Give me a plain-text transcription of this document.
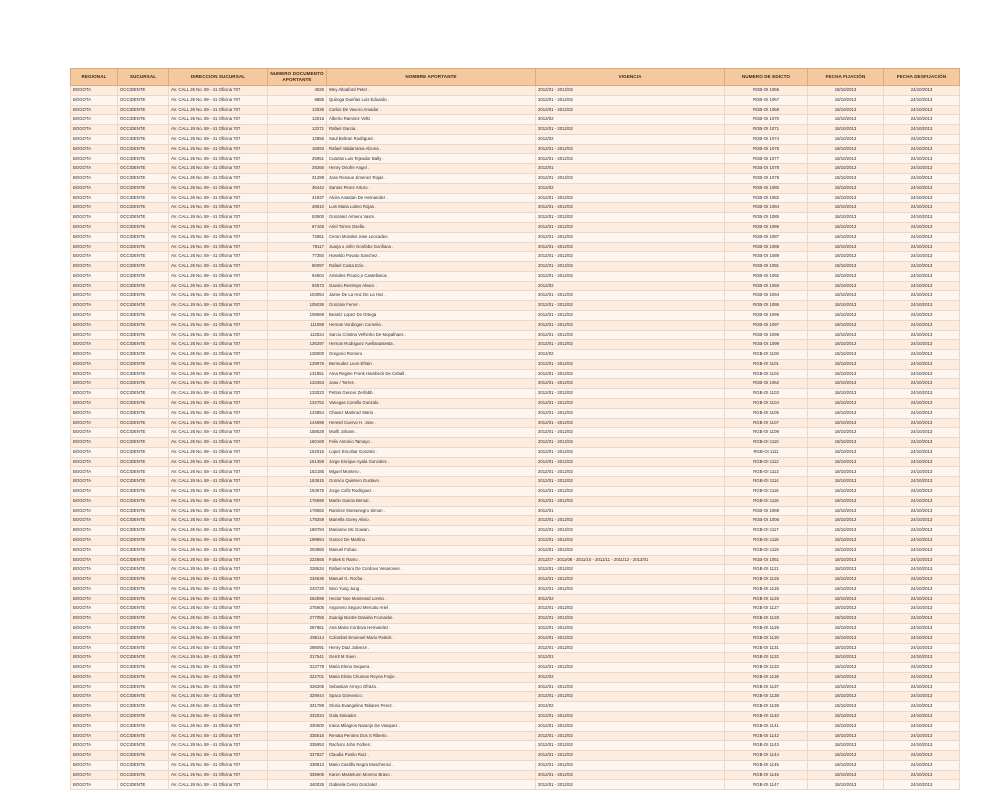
REGIONAL	SUCURSAL	DIRECCION SUCURSAL	NUMERO DOCUMENTO APORTANTE	NOMBRE APORTANTE	VIGENCIA	NUMERO DE EDICTO	FECHA FIJACIÓN	FECHA DESFIJACIÓN
BOGOTA	OCCIDENTE	AV. CALL 26 No. 59 - 41 Oficina 707	4026	Wey Altoaford Peter .	2012/01 - 2012/02	RGB-OI 1066	18/10/2013	24/10/2013
BOGOTA	OCCIDENTE	AV. CALL 26 No. 59 - 41 Oficina 707	8885	Quiroga Dueñas Luis Eduardo .	2012/01 - 2012/02	RGB-OI 1067	18/10/2013	24/10/2013
BOGOTA	OCCIDENTE	AV. CALL 26 No. 59 - 41 Oficina 707	13036	Carlos De Vavoro Amador .	2012/01 - 2012/02	RGB-OI 1068	18/10/2013	24/10/2013
BOGOTA	OCCIDENTE	AV. CALL 26 No. 59 - 41 Oficina 707	13016	Alberto Ramirez Veltz .	2012/02	RGB-OI 1070	18/10/2013	24/10/2013
BOGOTA	OCCIDENTE	AV. CALL 26 No. 59 - 41 Oficina 707	13271	Rafael Garcia .	2012/01 - 2012/02	RGB-OI 1071	18/10/2013	24/10/2013
BOGOTA	OCCIDENTE	AV. CALL 26 No. 59 - 41 Oficina 707	13856	Saul Beltran Rodriguez .	2012/02	RGB-OI 1074	18/10/2013	24/10/2013
BOGOTA	OCCIDENTE	AV. CALL 26 No. 59 - 41 Oficina 707	18093	Rafael Valdarrama Alzona .	2012/01 - 2012/02	RGB-OI 1075	18/10/2013	24/10/2013
BOGOTA	OCCIDENTE	AV. CALL 26 No. 59 - 41 Oficina 707	25951	Cuartas Luis Tejeador Bally .	2012/01 - 2012/02	RGB-OI 1077	18/10/2013	24/10/2013
BOGOTA	OCCIDENTE	AV. CALL 26 No. 59 - 41 Oficina 707	29266	Henry Onofre Angel .	2012/01	RGB-OI 1078	18/10/2013	24/10/2013
BOGOTA	OCCIDENTE	AV. CALL 26 No. 59 - 41 Oficina 707	31299	Jose Resoue Jimenez Rojas .	2012/01 - 2012/02	RGB-OI 1079	18/10/2013	24/10/2013
BOGOTA	OCCIDENTE	AV. CALL 26 No. 59 - 41 Oficina 707	36442	Santos Perez Arturo .	2012/02	RGB-OI 1080	18/10/2013	24/10/2013
BOGOTA	OCCIDENTE	AV. CALL 26 No. 59 - 41 Oficina 707	41837	Alcira Anastan De Hernandez .	2012/01 - 2012/02	RGB-OI 1082	18/10/2013	24/10/2013
BOGOTA	OCCIDENTE	AV. CALL 26 No. 59 - 41 Oficina 707	48510	Luis Maria Latino Rojas .	2012/01 - 2012/02	RGB-OI 1084	18/10/2013	24/10/2013
BOGOTA	OCCIDENTE	AV. CALL 26 No. 59 - 41 Oficina 707	53500	Gonzalez Armero Vasm .	2012/01 - 2012/02	RGB-OI 1085	18/10/2013	24/10/2013
BOGOTA	OCCIDENTE	AV. CALL 26 No. 59 - 41 Oficina 707	67165	Ariel Torres Osella .	2012/01 - 2012/02	RGB-OI 1086	18/10/2013	24/10/2013
BOGOTA	OCCIDENTE	AV. CALL 26 No. 59 - 41 Oficina 707	72861	Ceron Morales Jose Leocadeo	2012/01 - 2012/02	RGB-OI 1087	18/10/2013	24/10/2013
BOGOTA	OCCIDENTE	AV. CALL 26 No. 59 - 41 Oficina 707	78117	Juarja o John Gonfabo Gonfiaca .	2012/01 - 2012/02	RGB-OI 1088	18/10/2013	24/10/2013
BOGOTA	OCCIDENTE	AV. CALL 26 No. 59 - 41 Oficina 707	77350	Hoseldo Povato Sanchez .	2012/01 - 2012/02	RGB-OI 1089	18/10/2013	24/10/2013
BOGOTA	OCCIDENTE	AV. CALL 26 No. 59 - 41 Oficina 707	80097	Rafael Costa Ezio .	2012/01 - 2012/02	RGB-OI 1091	18/10/2013	24/10/2013
BOGOTA	OCCIDENTE	AV. CALL 26 No. 59 - 41 Oficina 707	94604	Aristoles Picazo,o Castellanos .	2012/01 - 2012/02	RGB-OI 1092	18/10/2013	24/10/2013
BOGOTA	OCCIDENTE	AV. CALL 26 No. 59 - 41 Oficina 707	94573	Gavoio Restrepo Alvaro .	2012/02	RGB-OI 1093	18/10/2013	24/10/2013
BOGOTA	OCCIDENTE	AV. CALL 26 No. 59 - 41 Oficina 707	103054	Jaime De La Hoz De La Hoz .	2012/01 - 2012/02	RGB-OI 1094	18/10/2013	24/10/2013
BOGOTA	OCCIDENTE	AV. CALL 26 No. 59 - 41 Oficina 707	105036	Gonzalo Ferrer .	2012/01 - 2012/02	RGB-OI 1095	18/10/2013	24/10/2013
BOGOTA	OCCIDENTE	AV. CALL 26 No. 59 - 41 Oficina 707	108669	Beatriz Lopez De Ortega	2012/01 - 2012/02	RGB-OI 1096	18/10/2013	24/10/2013
BOGOTA	OCCIDENTE	AV. CALL 26 No. 59 - 41 Oficina 707	111099	Hernan Vordingen Cornelio .	2012/01 - 2012/02	RGB-OI 1097	18/10/2013	24/10/2013
BOGOTA	OCCIDENTE	AV. CALL 26 No. 59 - 41 Oficina 707	113024	Sarcio Cristina Velhinho De Mopalhans .	2012/01 - 2012/02	RGB-OI 1098	18/10/2013	24/10/2013
BOGOTA	OCCIDENTE	AV. CALL 26 No. 59 - 41 Oficina 707	126297	Hernan Rodriguez Avellanastesta .	2012/01 - 2012/02	RGB-OI 1099	18/10/2013	24/10/2013
BOGOTA	OCCIDENTE	AV. CALL 26 No. 59 - 41 Oficina 707	128000	Gregorio Romero .	2012/02	RGB-OI 1100	18/10/2013	24/10/2013
BOGOTA	OCCIDENTE	AV. CALL 26 No. 59 - 41 Oficina 707	128976	Bermudez Leon Efrain .	2012/01 - 2012/02	RGB-OI 1101	18/10/2013	24/10/2013
BOGOTA	OCCIDENTE	AV. CALL 26 No. 59 - 41 Oficina 707	131851	Ama Regine Fronk Hambeck De Ceball .	2012/01 - 2012/02	RGB-OI 1102	18/10/2013	24/10/2013
BOGOTA	OCCIDENTE	AV. CALL 26 No. 59 - 41 Oficina 707	133453	Joao / Torres .	2012/01 - 2012/02	RGB-OI 1062	18/10/2013	24/10/2013
BOGOTA	OCCIDENTE	AV. CALL 26 No. 59 - 41 Oficina 707	133023	Pettos Gencer Zerfabb .	2012/01 - 2012/02	RGB-OI 1103	18/10/2013	24/10/2013
BOGOTA	OCCIDENTE	AV. CALL 26 No. 59 - 41 Oficina 707	134752	Vanegas Comillo Gonzalo .	2012/01 - 2012/02	RGB-OI 1104	18/10/2013	24/10/2013
BOGOTA	OCCIDENTE	AV. CALL 26 No. 59 - 41 Oficina 707	143854	Chavez Martinez Mario .	2012/01 - 2012/02	RGB-OI 1105	18/10/2013	24/10/2013
BOGOTA	OCCIDENTE	AV. CALL 26 No. 59 - 41 Oficina 707	144696	Heretel Cuervo H. Jose .	2012/01 - 2012/02	RGB-OI 1107	18/10/2013	24/10/2013
BOGOTA	OCCIDENTE	AV. CALL 26 No. 59 - 41 Oficina 707	158528	Murlli Johann .	2012/01 - 2012/02	RGB-OI 1109	18/10/2013	24/10/2013
BOGOTA	OCCIDENTE	AV. CALL 26 No. 59 - 41 Oficina 707	160169	Felix Antonio Tamayo .	2012/01 - 2012/02	RGB-OI 1110	18/10/2013	24/10/2013
BOGOTA	OCCIDENTE	AV. CALL 26 No. 59 - 41 Oficina 707	162016	Lopez Escobar Gonzalo .	2012/01 - 2012/02	RGB-OI 1111	18/10/2013	24/10/2013
BOGOTA	OCCIDENTE	AV. CALL 26 No. 59 - 41 Oficina 707	161358	Jorge Enrique Ayala Gonzalez .	2012/01 - 2012/02	RGB-OI 1112	18/10/2013	24/10/2013
BOGOTA	OCCIDENTE	AV. CALL 26 No. 59 - 41 Oficina 707	162185	Miguel Montero .	2012/01 - 2012/02	RGB-OI 1113	18/10/2013	24/10/2013
BOGOTA	OCCIDENTE	AV. CALL 26 No. 59 - 41 Oficina 707	163615	Gornico Quintero Gustavo .	2012/01 - 2012/02	RGB-OI 1114	18/10/2013	24/10/2013
BOGOTA	OCCIDENTE	AV. CALL 26 No. 59 - 41 Oficina 707	163575	Jorge Cofiz Rodriguez .	2012/01 - 2012/02	RGB-OI 1115	18/10/2013	24/10/2013
BOGOTA	OCCIDENTE	AV. CALL 26 No. 59 - 41 Oficina 707	176690	Martin Garcia Bernal .	2012/01 - 2012/02	RGB-OI 1116	18/10/2013	24/10/2013
BOGOTA	OCCIDENTE	AV. CALL 26 No. 59 - 41 Oficina 707	178682	Ramirez Montenegro Simon .	2012/01	RGB-OI 1068	18/10/2013	24/10/2013
BOGOTA	OCCIDENTE	AV. CALL 26 No. 59 - 41 Oficina 707	179259	Marrella Gorey Alivio .	2012/01 - 2012/02	RGB-OI 1006	18/10/2013	24/10/2013
BOGOTA	OCCIDENTE	AV. CALL 26 No. 59 - 41 Oficina 707	188784	Marianne Mc Gowan .	2012/01 - 2012/02	RGB-OI 1117	18/10/2013	24/10/2013
BOGOTA	OCCIDENTE	AV. CALL 26 No. 59 - 41 Oficina 707	199854	Garcez De Martino .	2012/01 - 2012/02	RGB-OI 1118	18/10/2013	24/10/2013
BOGOTA	OCCIDENTE	AV. CALL 26 No. 59 - 41 Oficina 707	203860	Manuel Fobao .	2012/01 - 2012/02	RGB-OI 1119	18/10/2013	24/10/2013
BOGOTA	OCCIDENTE	AV. CALL 26 No. 59 - 41 Oficina 707	222665	Fottek E Ramo .	2011/07 - 2011/08 - 2011/10 - 2011/11 - 2011/12 - 2012/01	RGB-OI 1051	18/10/2013	24/10/2013
BOGOTA	OCCIDENTE	AV. CALL 26 No. 59 - 41 Oficina 707	228634	Rafael Arturo De Cordovo Vesarones .	2012/01 - 2012/02	RGB-OI 1121	18/10/2013	24/10/2013
BOGOTA	OCCIDENTE	AV. CALL 26 No. 59 - 41 Oficina 707	234636	Manuel G. Rocha .	2012/01 - 2012/02	RGB-OI 1125	18/10/2013	24/10/2013
BOGOTA	OCCIDENTE	AV. CALL 26 No. 59 - 41 Oficina 707	243720	Woo Yung Jung .	2012/01 - 2012/02	RGB-OI 1126	18/10/2013	24/10/2013
BOGOTA	OCCIDENTE	AV. CALL 26 No. 59 - 41 Oficina 707	262596	Hector Noe Montessd Loreto .	2012/02	RGB-OI 1126	18/10/2013	24/10/2013
BOGOTA	OCCIDENTE	AV. CALL 26 No. 59 - 41 Oficina 707	275605	Argonero Seguro Mercato Ariel .	2012/01 - 2012/02	RGB-OI 1127	18/10/2013	24/10/2013
BOGOTA	OCCIDENTE	AV. CALL 26 No. 59 - 41 Oficina 707	277055	Zuanigi Buntre Daniela Fconacke .	2012/01 - 2012/02	RGB-OI 1128	18/10/2013	24/10/2013
BOGOTA	OCCIDENTE	AV. CALL 26 No. 59 - 41 Oficina 707	287861	Ana Maria Cordova Hernandez .	2012/01 - 2012/02	RGB-OI 1129	18/10/2013	24/10/2013
BOGOTA	OCCIDENTE	AV. CALL 26 No. 59 - 41 Oficina 707	295114	Colombel Emonuel Mario Patrick .	2012/01 - 2012/02	RGB-OI 1130	18/10/2013	24/10/2013
BOGOTA	OCCIDENTE	AV. CALL 26 No. 59 - 41 Oficina 707	298091	Henry Diaz Juliveze .	2012/01 - 2012/02	RGB-OI 1131	18/10/2013	24/10/2013
BOGOTA	OCCIDENTE	AV. CALL 26 No. 59 - 41 Oficina 707	317541	Gerrit M Soen .	2012/01	RGB-OI 1132	18/10/2013	24/10/2013
BOGOTA	OCCIDENTE	AV. CALL 26 No. 59 - 41 Oficina 707	313778	Maria Elena Sequera .	2012/01 - 2012/02	RGB-OI 1133	18/10/2013	24/10/2013
BOGOTA	OCCIDENTE	AV. CALL 26 No. 59 - 41 Oficina 707	322701	Maria Elvira Chuman Reyna Forjie .	2012/02	RGB-OI 1136	18/10/2013	24/10/2013
BOGOTA	OCCIDENTE	AV. CALL 26 No. 59 - 41 Oficina 707	328205	Sebastian Arroyo Ofraza .	2012/01 - 2012/02	RGB-OI 1137	18/10/2013	24/10/2013
BOGOTA	OCCIDENTE	AV. CALL 26 No. 59 - 41 Oficina 707	329044	Spaco Domenico .	2012/01 - 2012/02	RGB-OI 1138	18/10/2013	24/10/2013
BOGOTA	OCCIDENTE	AV. CALL 26 No. 59 - 41 Oficina 707	331789	Gloria Evangelina Tabares Perez .	2012/02	RGB-OI 1139	18/10/2013	24/10/2013
BOGOTA	OCCIDENTE	AV. CALL 26 No. 59 - 41 Oficina 707	332034	Gala Salvador .	2012/01 - 2012/02	RGB-OI 1140	18/10/2013	24/10/2013
BOGOTA	OCCIDENTE	AV. CALL 26 No. 59 - 41 Oficina 707	330500	Iraica Milagros Naranjo De Vasquez .	2012/01 - 2012/02	RGB-OI 1141	18/10/2013	24/10/2013
BOGOTA	OCCIDENTE	AV. CALL 26 No. 59 - 41 Oficina 707	335616	Renata Perotex Dos S Ribeiro .	2012/01 - 2012/02	RGB-OI 1142	18/10/2013	24/10/2013
BOGOTA	OCCIDENTE	AV. CALL 26 No. 59 - 41 Oficina 707	335953	Rachoni John Forbes .	2012/01 - 2012/02	RGB-OI 1143	18/10/2013	24/10/2013
BOGOTA	OCCIDENTE	AV. CALL 26 No. 59 - 41 Oficina 707	337827	Claudia Posito Ruiz .	2012/01 - 2012/02	RGB-OI 1144	18/10/2013	24/10/2013
BOGOTA	OCCIDENTE	AV. CALL 26 No. 59 - 41 Oficina 707	338813	Mario Castillo Negra Moscheroci .	2012/01 - 2012/02	RGB-OI 1145	18/10/2013	24/10/2013
BOGOTA	OCCIDENTE	AV. CALL 26 No. 59 - 41 Oficina 707	339606	Karen Mastelunn Moreno Bravo .	2012/01 - 2012/02	RGB-OI 1146	18/10/2013	24/10/2013
BOGOTA	OCCIDENTE	AV. CALL 26 No. 59 - 41 Oficina 707	340025	Gabriela Cento Gonzalez .	2012/01 - 2012/02	RGB-OI 1147	18/10/2013	24/10/2013
